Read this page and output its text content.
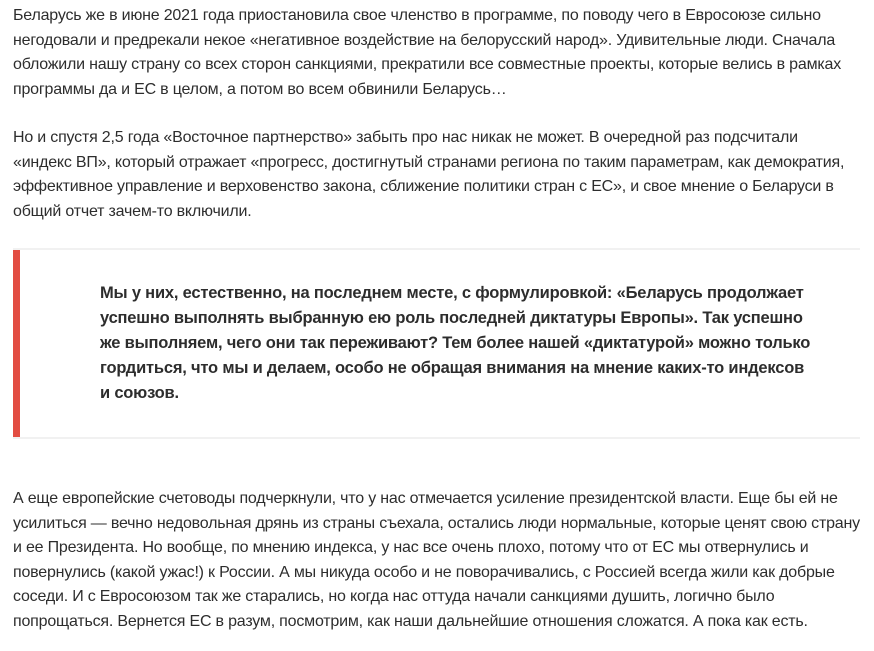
Беларусь же в июне 2021 года приостановила свое членство в программе, по поводу чего в Евросоюзе сильно негодовали и предрекали некое «негативное воздействие на белорусский народ». Удивительные люди. Сначала обложили нашу страну со всех сторон санкциями, прекратили все совместные проекты, которые велись в рамках программы да и ЕС в целом, а потом во всем обвинили Беларусь…

Но и спустя 2,5 года «Восточное партнерство» забыть про нас никак не может. В очередной раз подсчитали «индекс ВП», который отражает «прогресс, достигнутый странами региона по таким параметрам, как демократия, эффективное управление и верховенство закона, сближение политики стран с ЕС», и свое мнение о Беларуси в общий отчет зачем-то включили.

Мы у них, естественно, на последнем месте, с формулировкой: «Беларусь продолжает успешно выполнять выбранную ею роль последней диктатуры Европы». Так успешно же выполняем, чего они так переживают? Тем более нашей «диктатурой» можно только гордиться, что мы и делаем, особо не обращая внимания на мнение каких-то индексов и союзов.

А еще европейские счетоводы подчеркнули, что у нас отмечается усиление президентской власти. Еще бы ей не усилиться — вечно недовольная дрянь из страны съехала, остались люди нормальные, которые ценят свою страну и ее Президента. Но вообще, по мнению индекса, у нас все очень плохо, потому что от ЕС мы отвернулись и повернулись (какой ужас!) к России. А мы никуда особо и не поворачивались, с Россией всегда жили как добрые соседи. И с Евросоюзом так же старались, но когда нас оттуда начали санкциями душить, логично было попрощаться. Вернется ЕС в разум, посмотрим, как наши дальнейшие отношения сложатся. А пока как есть.
